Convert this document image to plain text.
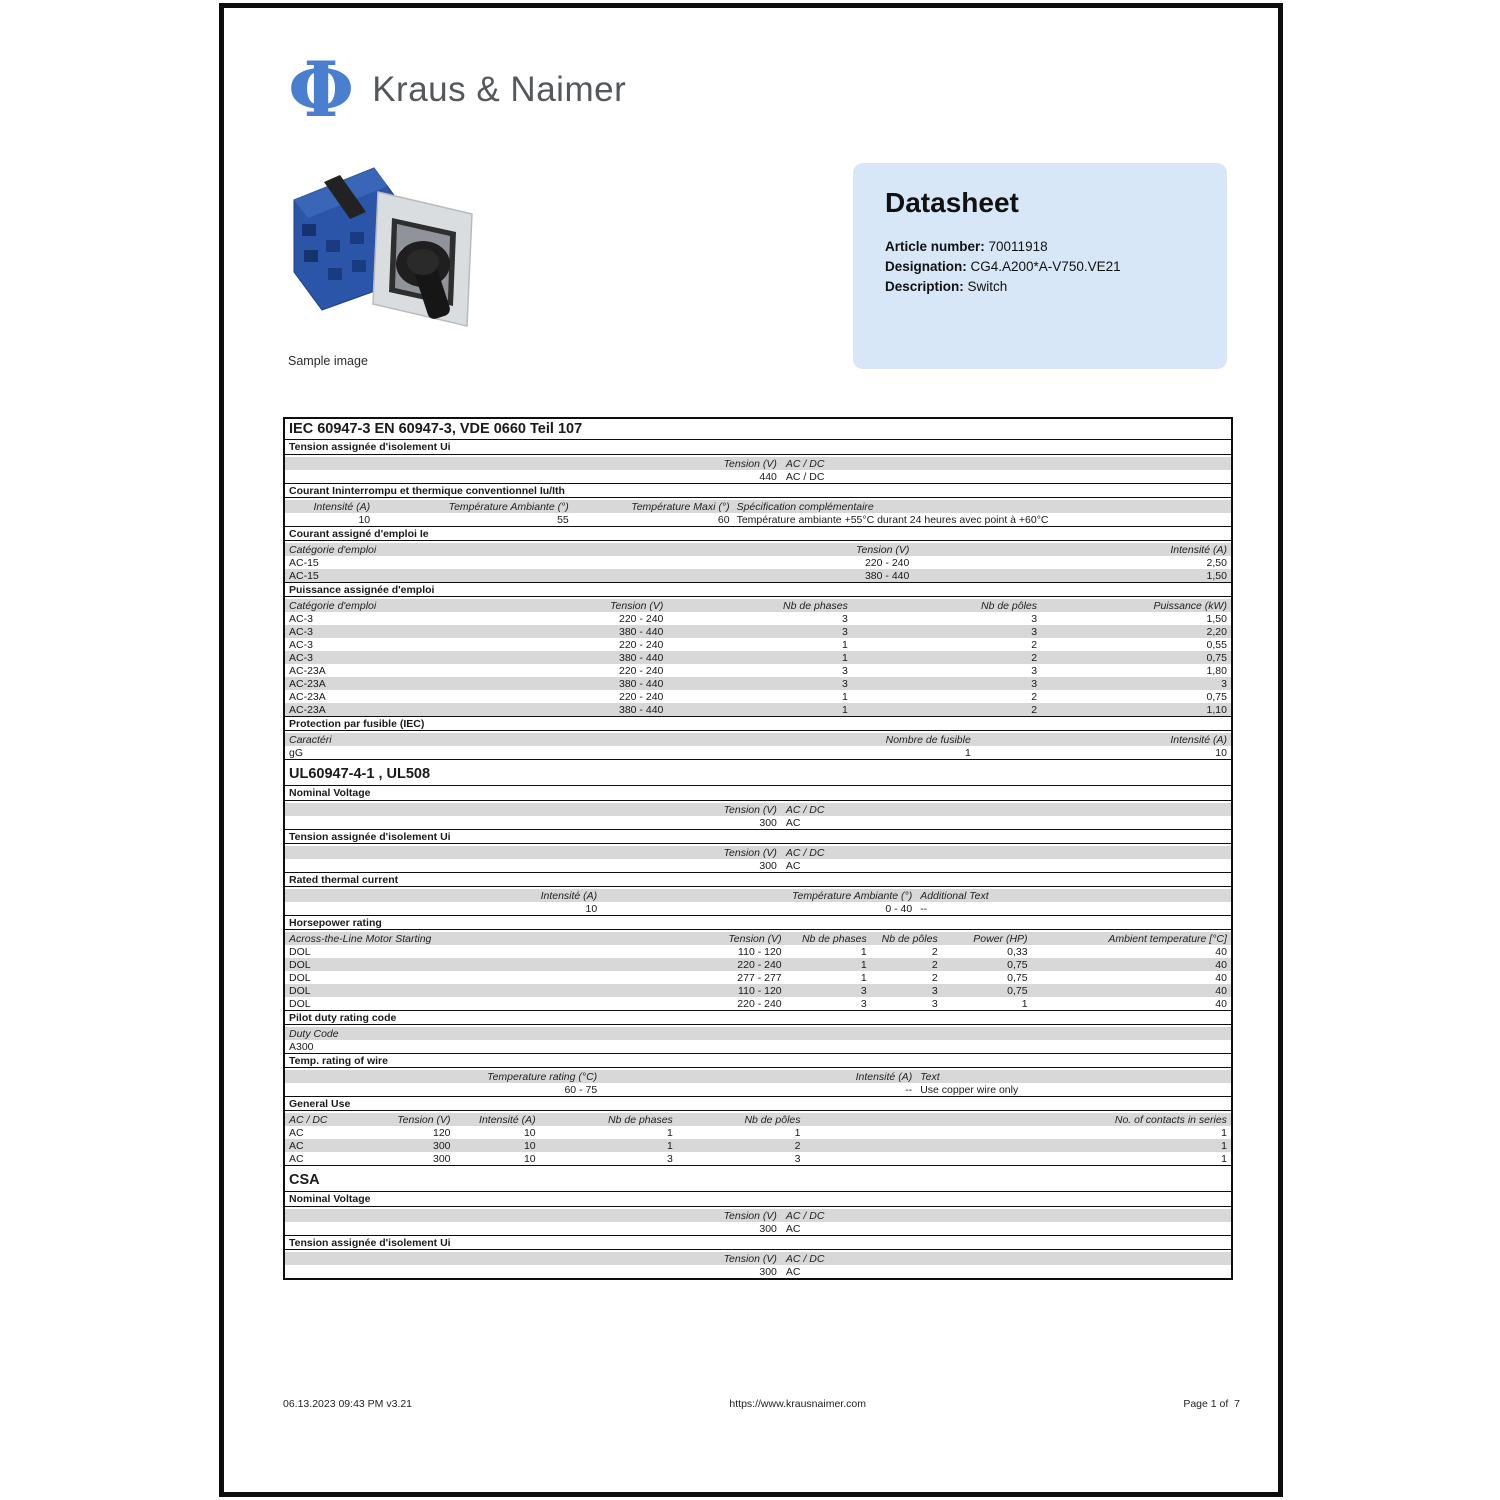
Φ Kraus & Naimer
Sample image
Datasheet
Article number: 70011918
Designation: CG4.A200*A-V750.VE21
Description: Switch
IEC 60947-3 EN 60947-3, VDE 0660 Teil 107
Tension assignée d'isolement Ui
Tension (V) AC / DC
440 AC / DC
Courant Ininterrompu et thermique conventionnel Iu/Ith
Intensité (A)	Température Ambiante (°)	Température Maxi (°) Spécification complémentaire
10	55	60 Température ambiante +55°C durant 24 heures avec point à +60°C
Courant assigné d'emploi Ie
Catégorie d'emploi	Tension (V)	Intensité (A)
AC-15	220 - 240	2,50
AC-15	380 - 440	1,50
Puissance assignée d'emploi
Catégorie d'emploi	Tension (V)	Nb de phases	Nb de pôles	Puissance (kW)
AC-3	220 - 240	3	3	1,50
AC-3	380 - 440	3	3	2,20
AC-3	220 - 240	1	2	0,55
AC-3	380 - 440	1	2	0,75
AC-23A	220 - 240	3	3	1,80
AC-23A	380 - 440	3	3	3
AC-23A	220 - 240	1	2	0,75
AC-23A	380 - 440	1	2	1,10
Protection par fusible (IEC)
Caractéri	Nombre de fusible	Intensité (A)
gG	1	10
UL60947-4-1 , UL508
Nominal Voltage
Tension (V) AC / DC
300 AC
Tension assignée d'isolement Ui
Tension (V) AC / DC
300 AC
Rated thermal current
Intensité (A)	Température Ambiante (°) Additional Text
10	0 - 40 --
Horsepower rating
Across-the-Line Motor Starting	Tension (V)	Nb de phases	Nb de pôles	Power (HP)	Ambient temperature [°C]
DOL	110 - 120	1	2	0,33	40
DOL	220 - 240	1	2	0,75	40
DOL	277 - 277	1	2	0,75	40
DOL	110 - 120	3	3	0,75	40
DOL	220 - 240	3	3	1	40
Pilot duty rating code
Duty Code
A300
Temp. rating of wire
Temperature rating (°C)	Intensité (A) Text
60 - 75	-- Use copper wire only
General Use
AC / DC	Tension (V)	Intensité (A)	Nb de phases	Nb de pôles	No. of contacts in series
AC	120	10	1	1	1
AC	300	10	1	2	1
AC	300	10	3	3	1
CSA
Nominal Voltage
Tension (V) AC / DC
300 AC
Tension assignée d'isolement Ui
Tension (V) AC / DC
300 AC
06.13.2023 09:43 PM v3.21	https://www.krausnaimer.com	Page 1 of  7
